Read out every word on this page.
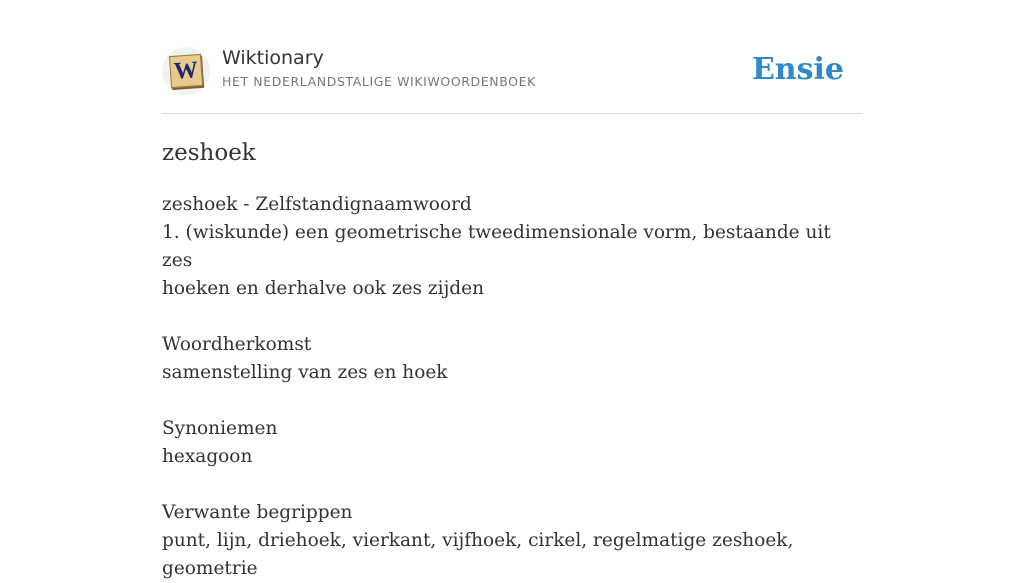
W Wiktionary
HET NEDERLANDSTALIGE WIKIWOORDENBOEK	Ensie
zeshoek
zeshoek - Zelfstandignaamwoord
1. (wiskunde) een geometrische tweedimensionale vorm, bestaande uit zes
hoeken en derhalve ook zes zijden
Woordherkomst
samenstelling van zes en hoek
Synoniemen
hexagoon
Verwante begrippen
punt, lijn, driehoek, vierkant, vijfhoek, cirkel, regelmatige zeshoek, geometrie
